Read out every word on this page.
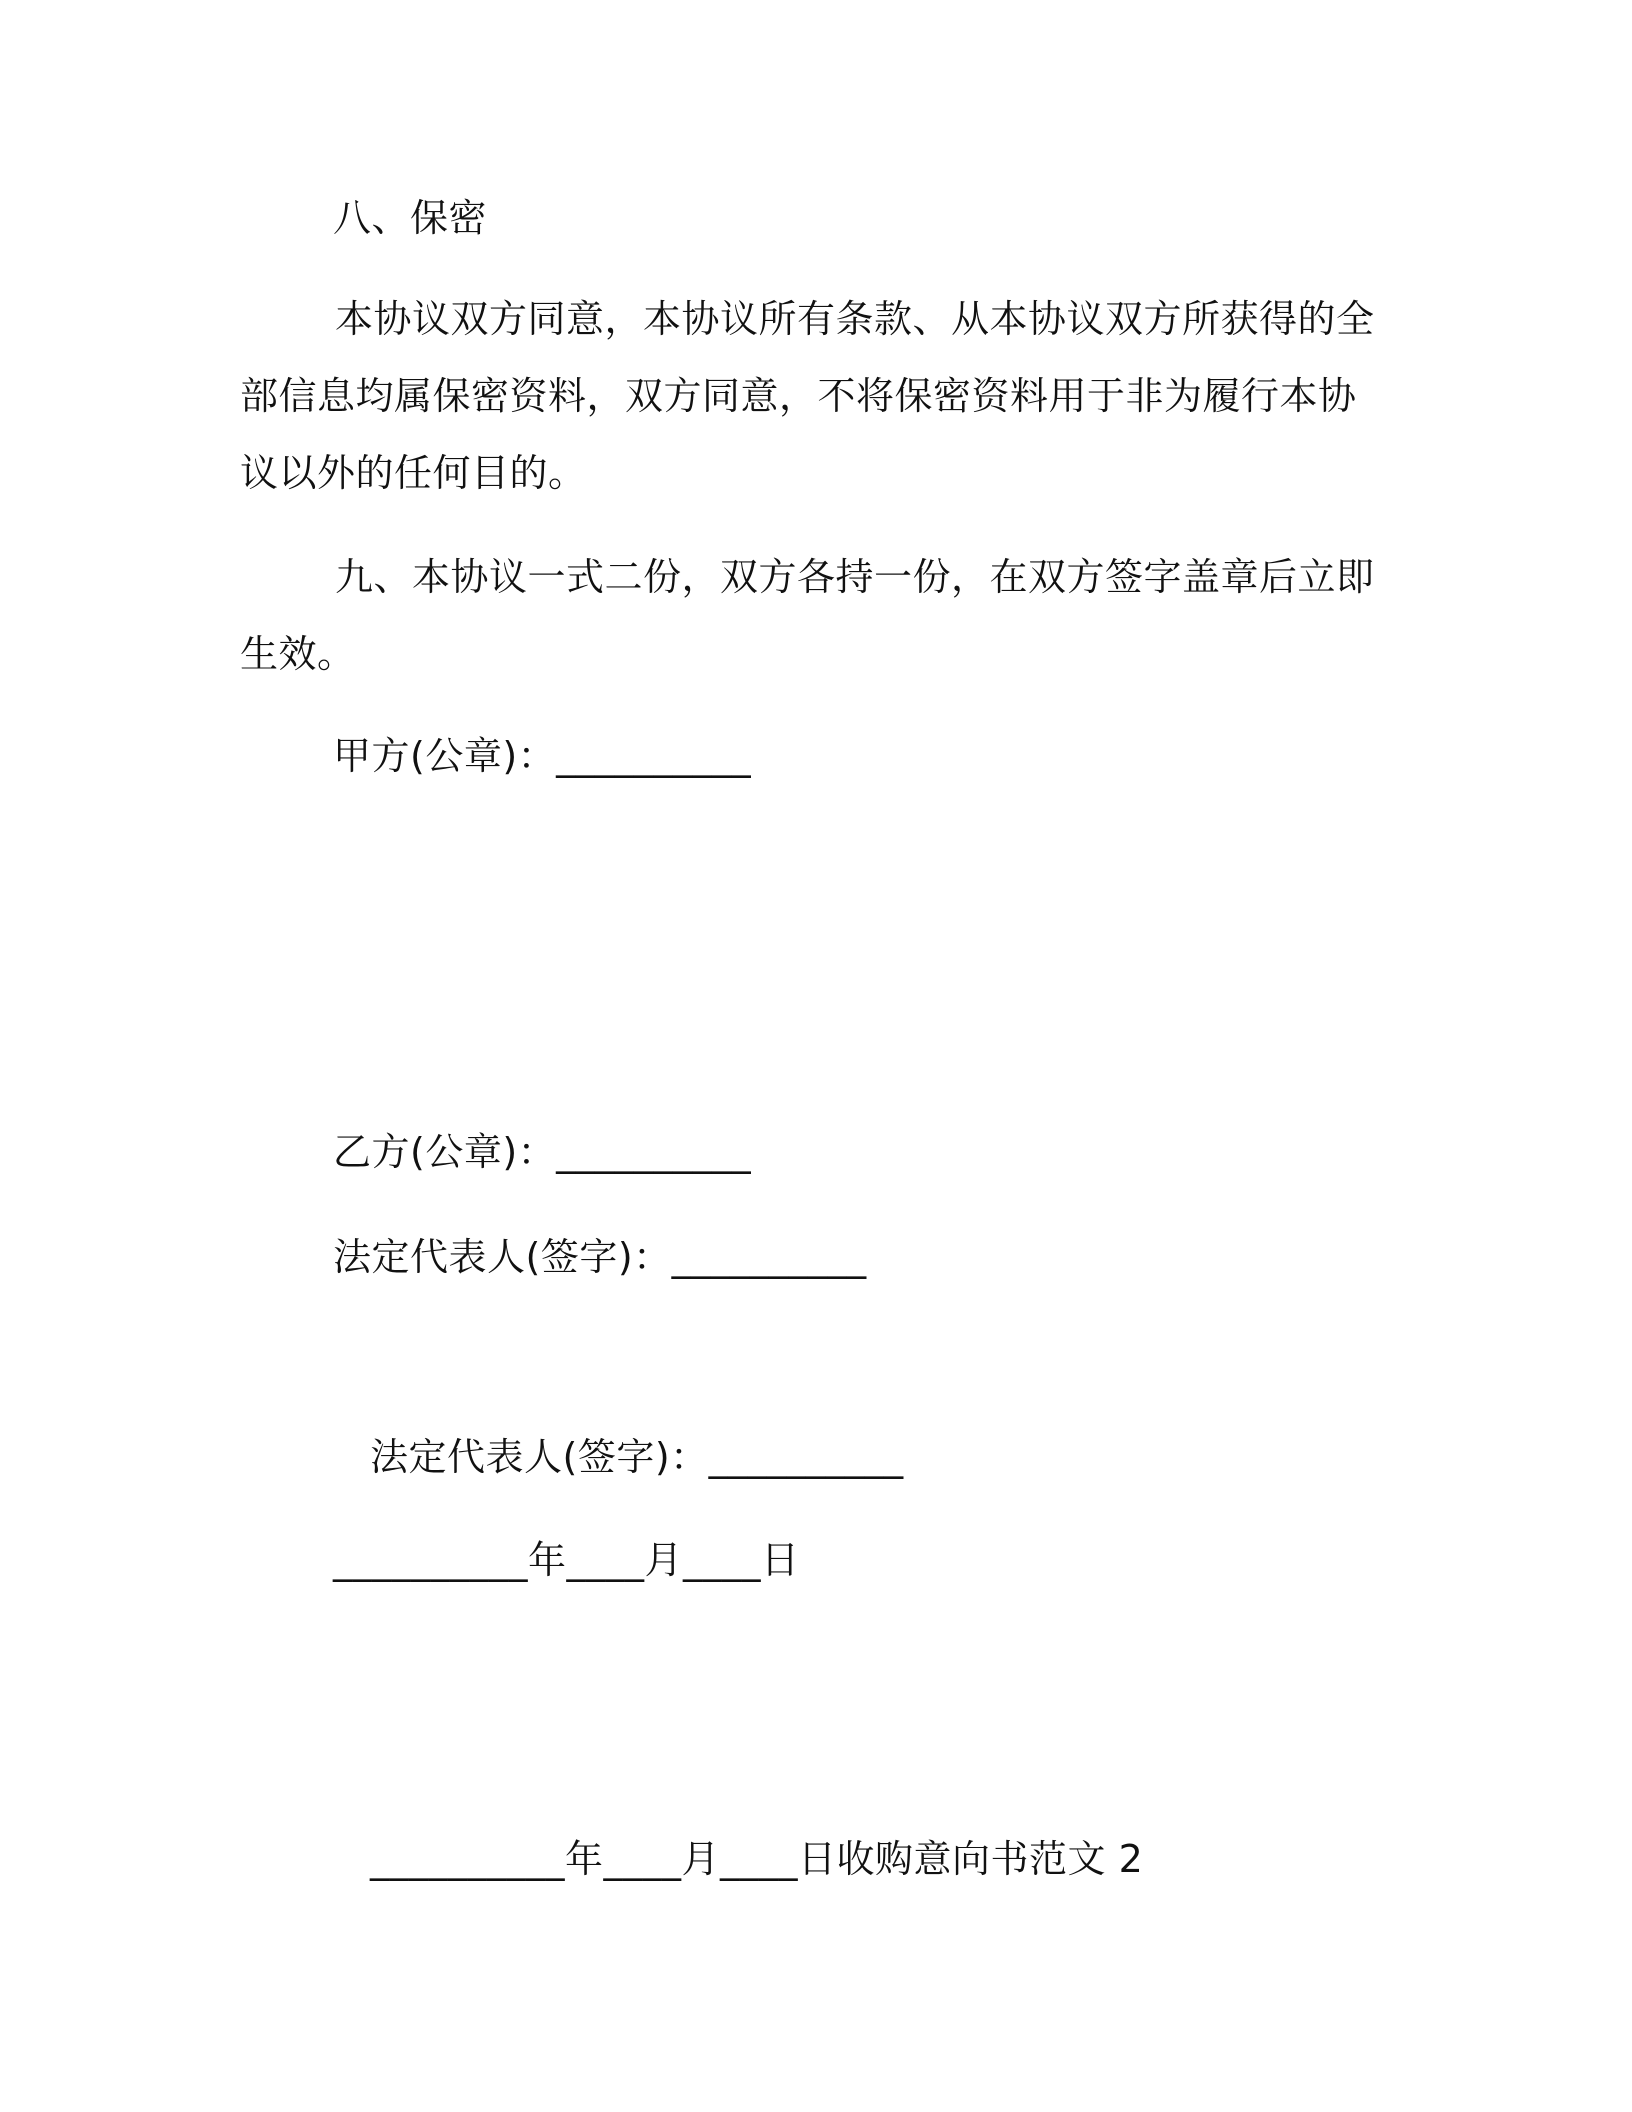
八、保密
本协议双方同意，本协议所有条款、从本协议双方所获得的全部信息均属保密资料，双方同意，不将保密资料用于非为履行本协议以外的任何目的。
九、本协议一式二份，双方各持一份，在双方签字盖章后立即生效。
甲方(公章)：__________
乙方(公章)：__________
法定代表人(签字)：__________
法定代表人(签字)：__________
__________年____月____日
__________年____月____日收购意向书范文 2
